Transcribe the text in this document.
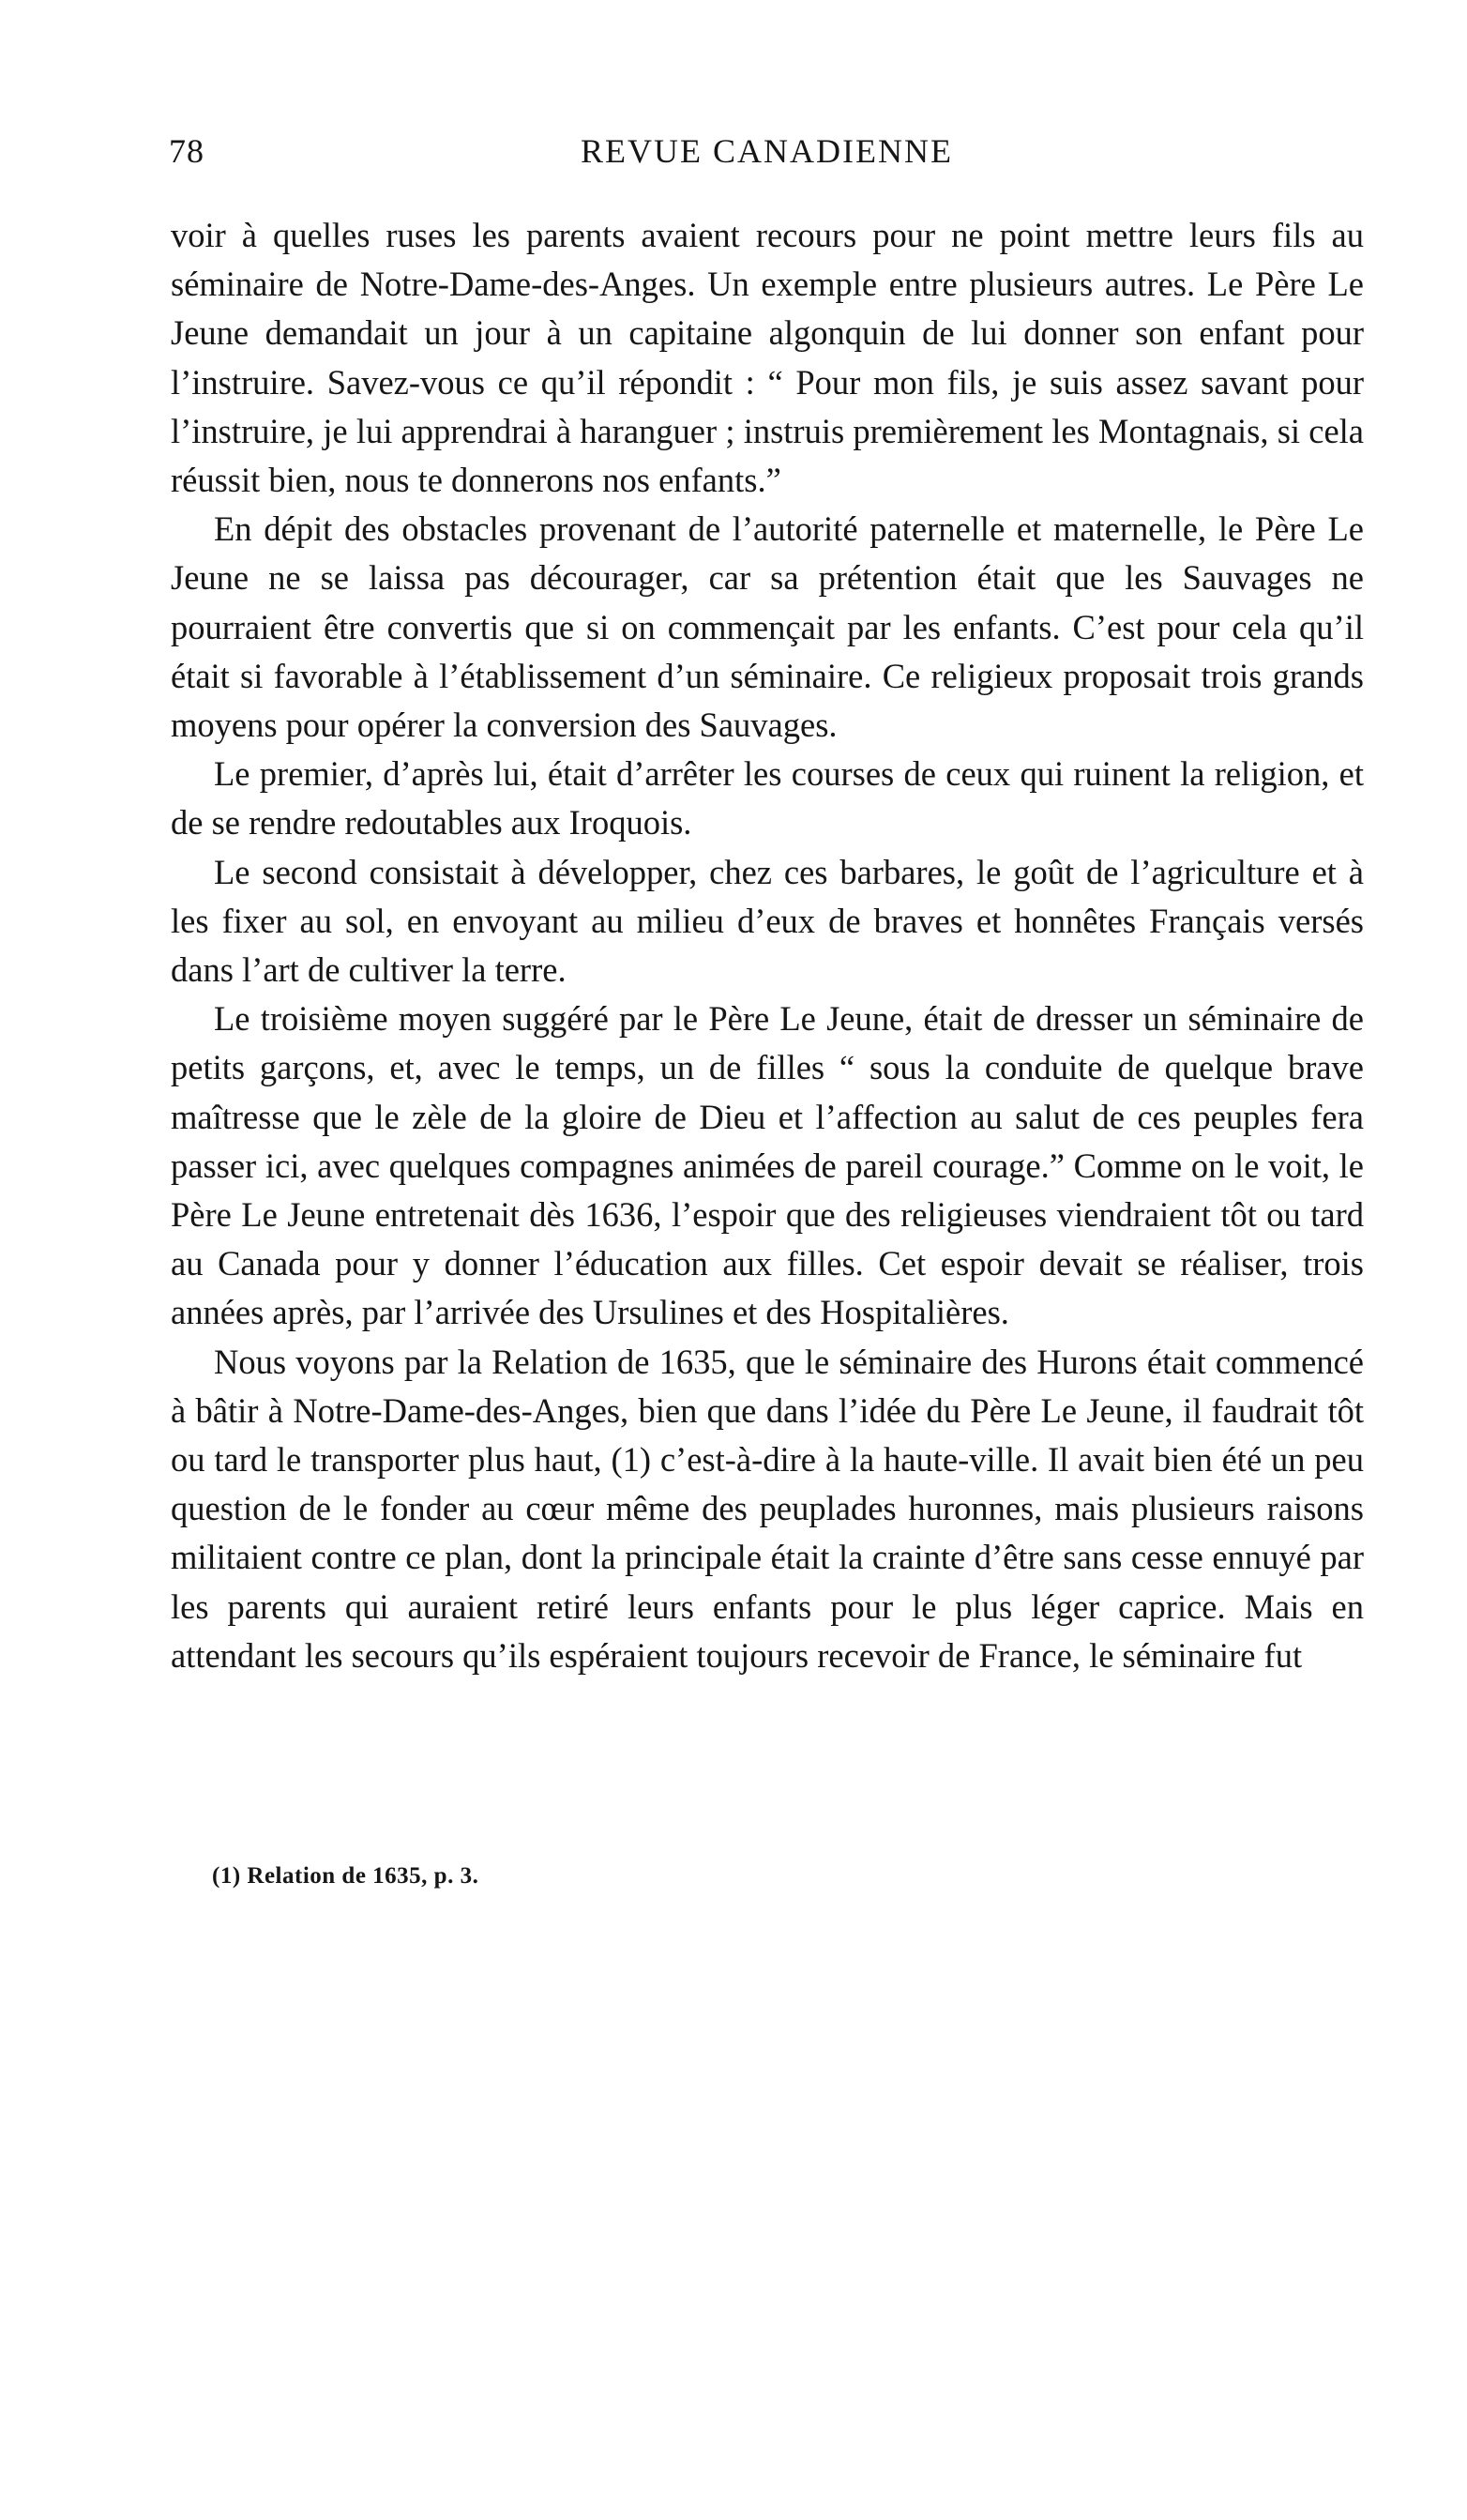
78	REVUE CANADIENNE

voir à quelles ruses les parents avaient recours pour ne point mettre leurs fils au séminaire de Notre-Dame-des-Anges. Un exemple entre plusieurs autres. Le Père Le Jeune demandait un jour à un capitaine algonquin de lui donner son enfant pour l’instruire. Savez-vous ce qu’il répondit : “ Pour mon fils, je suis assez savant pour l’instruire, je lui apprendrai à haranguer ; instruis premièrement les Montagnais, si cela réussit bien, nous te donnerons nos enfants.”

En dépit des obstacles provenant de l’autorité paternelle et maternelle, le Père Le Jeune ne se laissa pas décourager, car sa prétention était que les Sauvages ne pourraient être convertis que si on commençait par les enfants. C’est pour cela qu’il était si favorable à l’établissement d’un séminaire. Ce religieux proposait trois grands moyens pour opérer la conversion des Sauvages.

Le premier, d’après lui, était d’arrêter les courses de ceux qui ruinent la religion, et de se rendre redoutables aux Iroquois.

Le second consistait à développer, chez ces barbares, le goût de l’agriculture et à les fixer au sol, en envoyant au milieu d’eux de braves et honnêtes Français versés dans l’art de cultiver la terre.

Le troisième moyen suggéré par le Père Le Jeune, était de dresser un séminaire de petits garçons, et, avec le temps, un de filles “ sous la conduite de quelque brave maîtresse que le zèle de la gloire de Dieu et l’affection au salut de ces peuples fera passer ici, avec quelques compagnes animées de pareil courage.” Comme on le voit, le Père Le Jeune entretenait dès 1636, l’espoir que des religieuses viendraient tôt ou tard au Canada pour y donner l’éducation aux filles. Cet espoir devait se réaliser, trois années après, par l’arrivée des Ursulines et des Hospitalières.

Nous voyons par la Relation de 1635, que le séminaire des Hurons était commencé à bâtir à Notre-Dame-des-Anges, bien que dans l’idée du Père Le Jeune, il faudrait tôt ou tard le transporter plus haut, (1) c’est-à-dire à la haute-ville. Il avait bien été un peu question de le fonder au cœur même des peuplades huronnes, mais plusieurs raisons militaient contre ce plan, dont la principale était la crainte d’être sans cesse ennuyé par les parents qui auraient retiré leurs enfants pour le plus léger caprice. Mais en attendant les secours qu’ils espéraient toujours recevoir de France, le séminaire fut

(1) Relation de 1635, p. 3.
